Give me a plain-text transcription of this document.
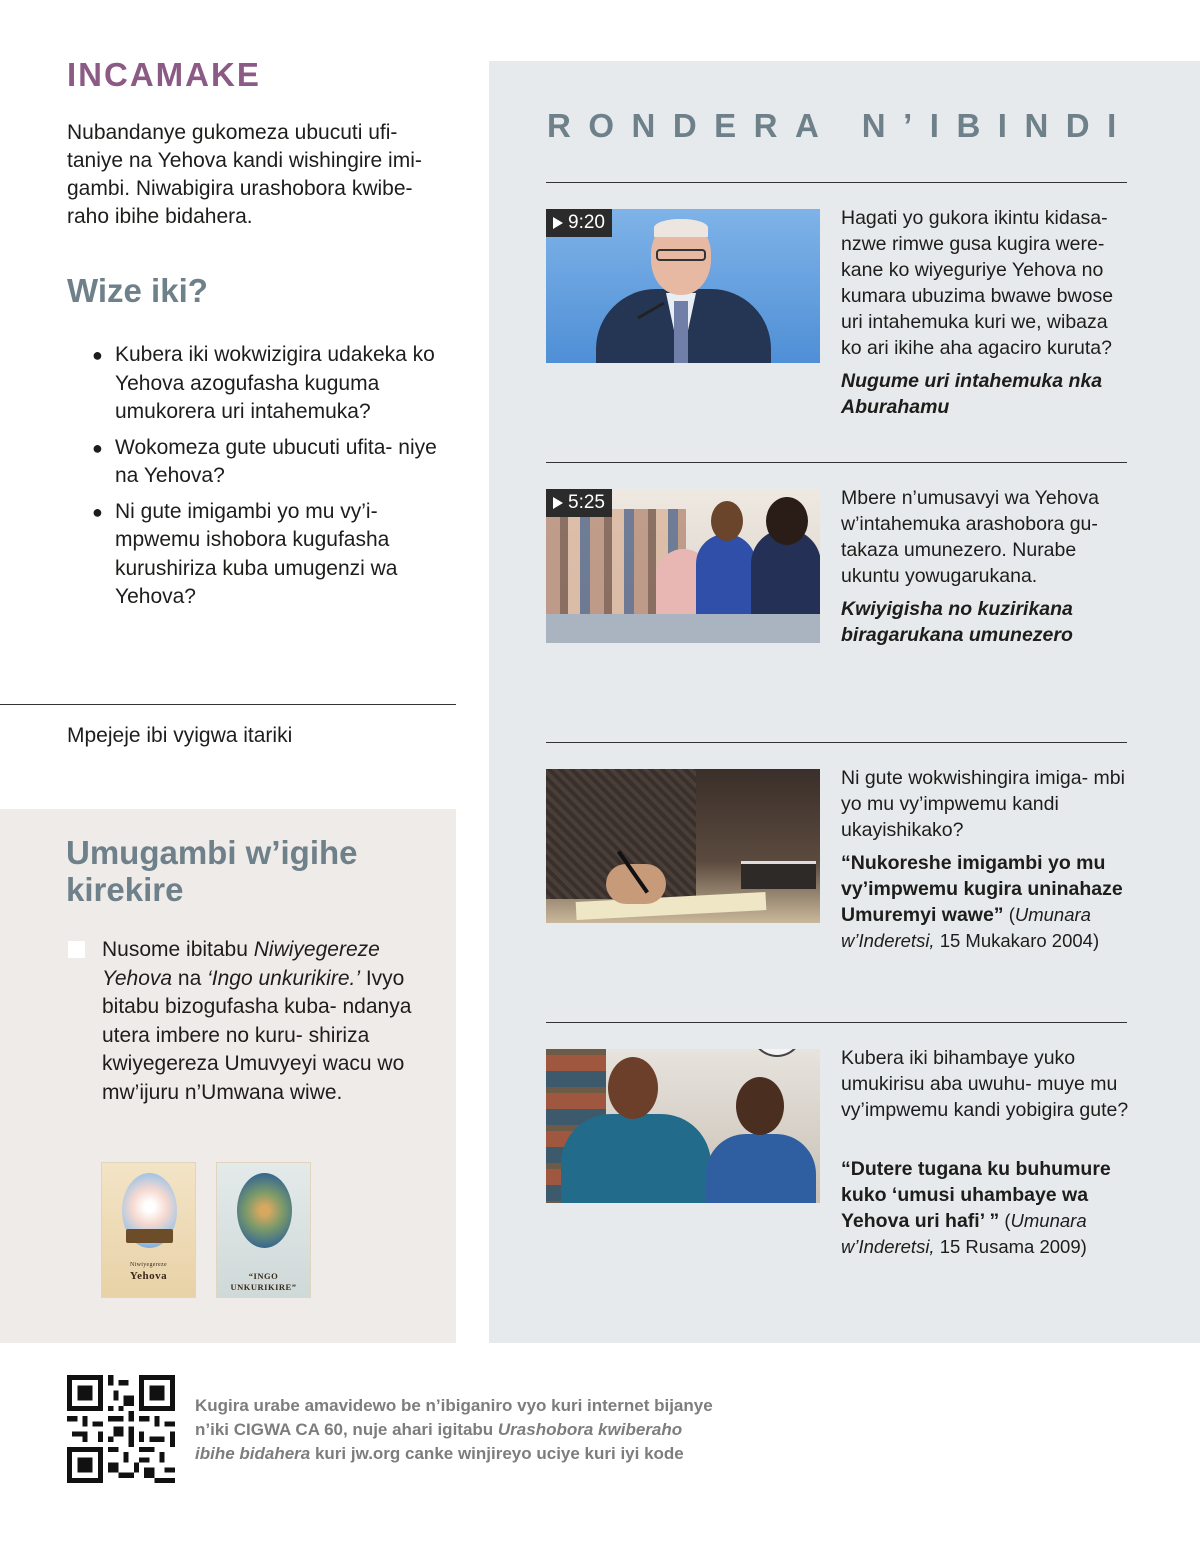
INCAMAKE

Nubandanye gukomeza ubucuti ufi- taniye na Yehova kandi wishingire imi- gambi. Niwabigira urashobora kwibe- raho ibihe bidahera.

Wize iki?
● Kubera iki wokwizigira udakeka ko Yehova azogufasha kuguma umukorera uri intahemuka?
● Wokomeza gute ubucuti ufita- niye na Yehova?
● Ni gute imigambi yo mu vy’i- mpwemu ishobora kugufasha kurushiriza kuba umugenzi wa Yehova?
Mpejeje ibi vyigwa itariki
Umugambi w’igihe kirekire

Nusome ibitabu Niwiyegereze Yehova na ‘Ingo unkurikire.’ Ivyo bitabu bizogufasha kuba- ndanya utera imbere no kuru- shiriza kwiyegereza Umuvyeyi wacu wo mw’ijuru n’Umwana wiwe.

Niwiyegereze
Yehova	“INGO UNKURIKIRE”
RONDERA N’IBINDI
9:20	Hagati yo gukora ikintu kidasa- nzwe rimwe gusa kugira were- kane ko wiyeguriye Yehova no kumara ubuzima bwawe bwose uri intahemuka kuri we, wibaza ko ari ikihe aha agaciro kuruta?

Nugume uri intahemuka nka Aburahamu

5:25	Mbere n’umusavyi wa Yehova w’intahemuka arashobora gu- takaza umunezero. Nurabe ukuntu yowugarukana.

Kwiyigisha no kuzirikana biragarukana umunezero

Ni gute wokwishingira imiga- mbi yo mu vy’impwemu kandi ukayishikako?

“Nukoreshe imigambi yo mu vy’impwemu kugira uninahaze Umuremyi wawe” (Umunara w’Inderetsi, 15 Mukakaro 2004)

Kubera iki bihambaye yuko umukirisu aba uwuhu- muye mu vy’impwemu kandi yobigira gute?

“Dutere tugana ku buhumure kuko ‘umusi uhambaye wa Yehova uri hafi’ ” (Umunara w’Inderetsi, 15 Rusama 2009)

Kugira urabe amavidewo be n’ibiganiro vyo kuri internet bijanye n’iki CIGWA CA 60, nuje ahari igitabu Urashobora kwiberaho ibihe bidahera kuri jw.org canke winjireyo uciye kuri iyi kode
